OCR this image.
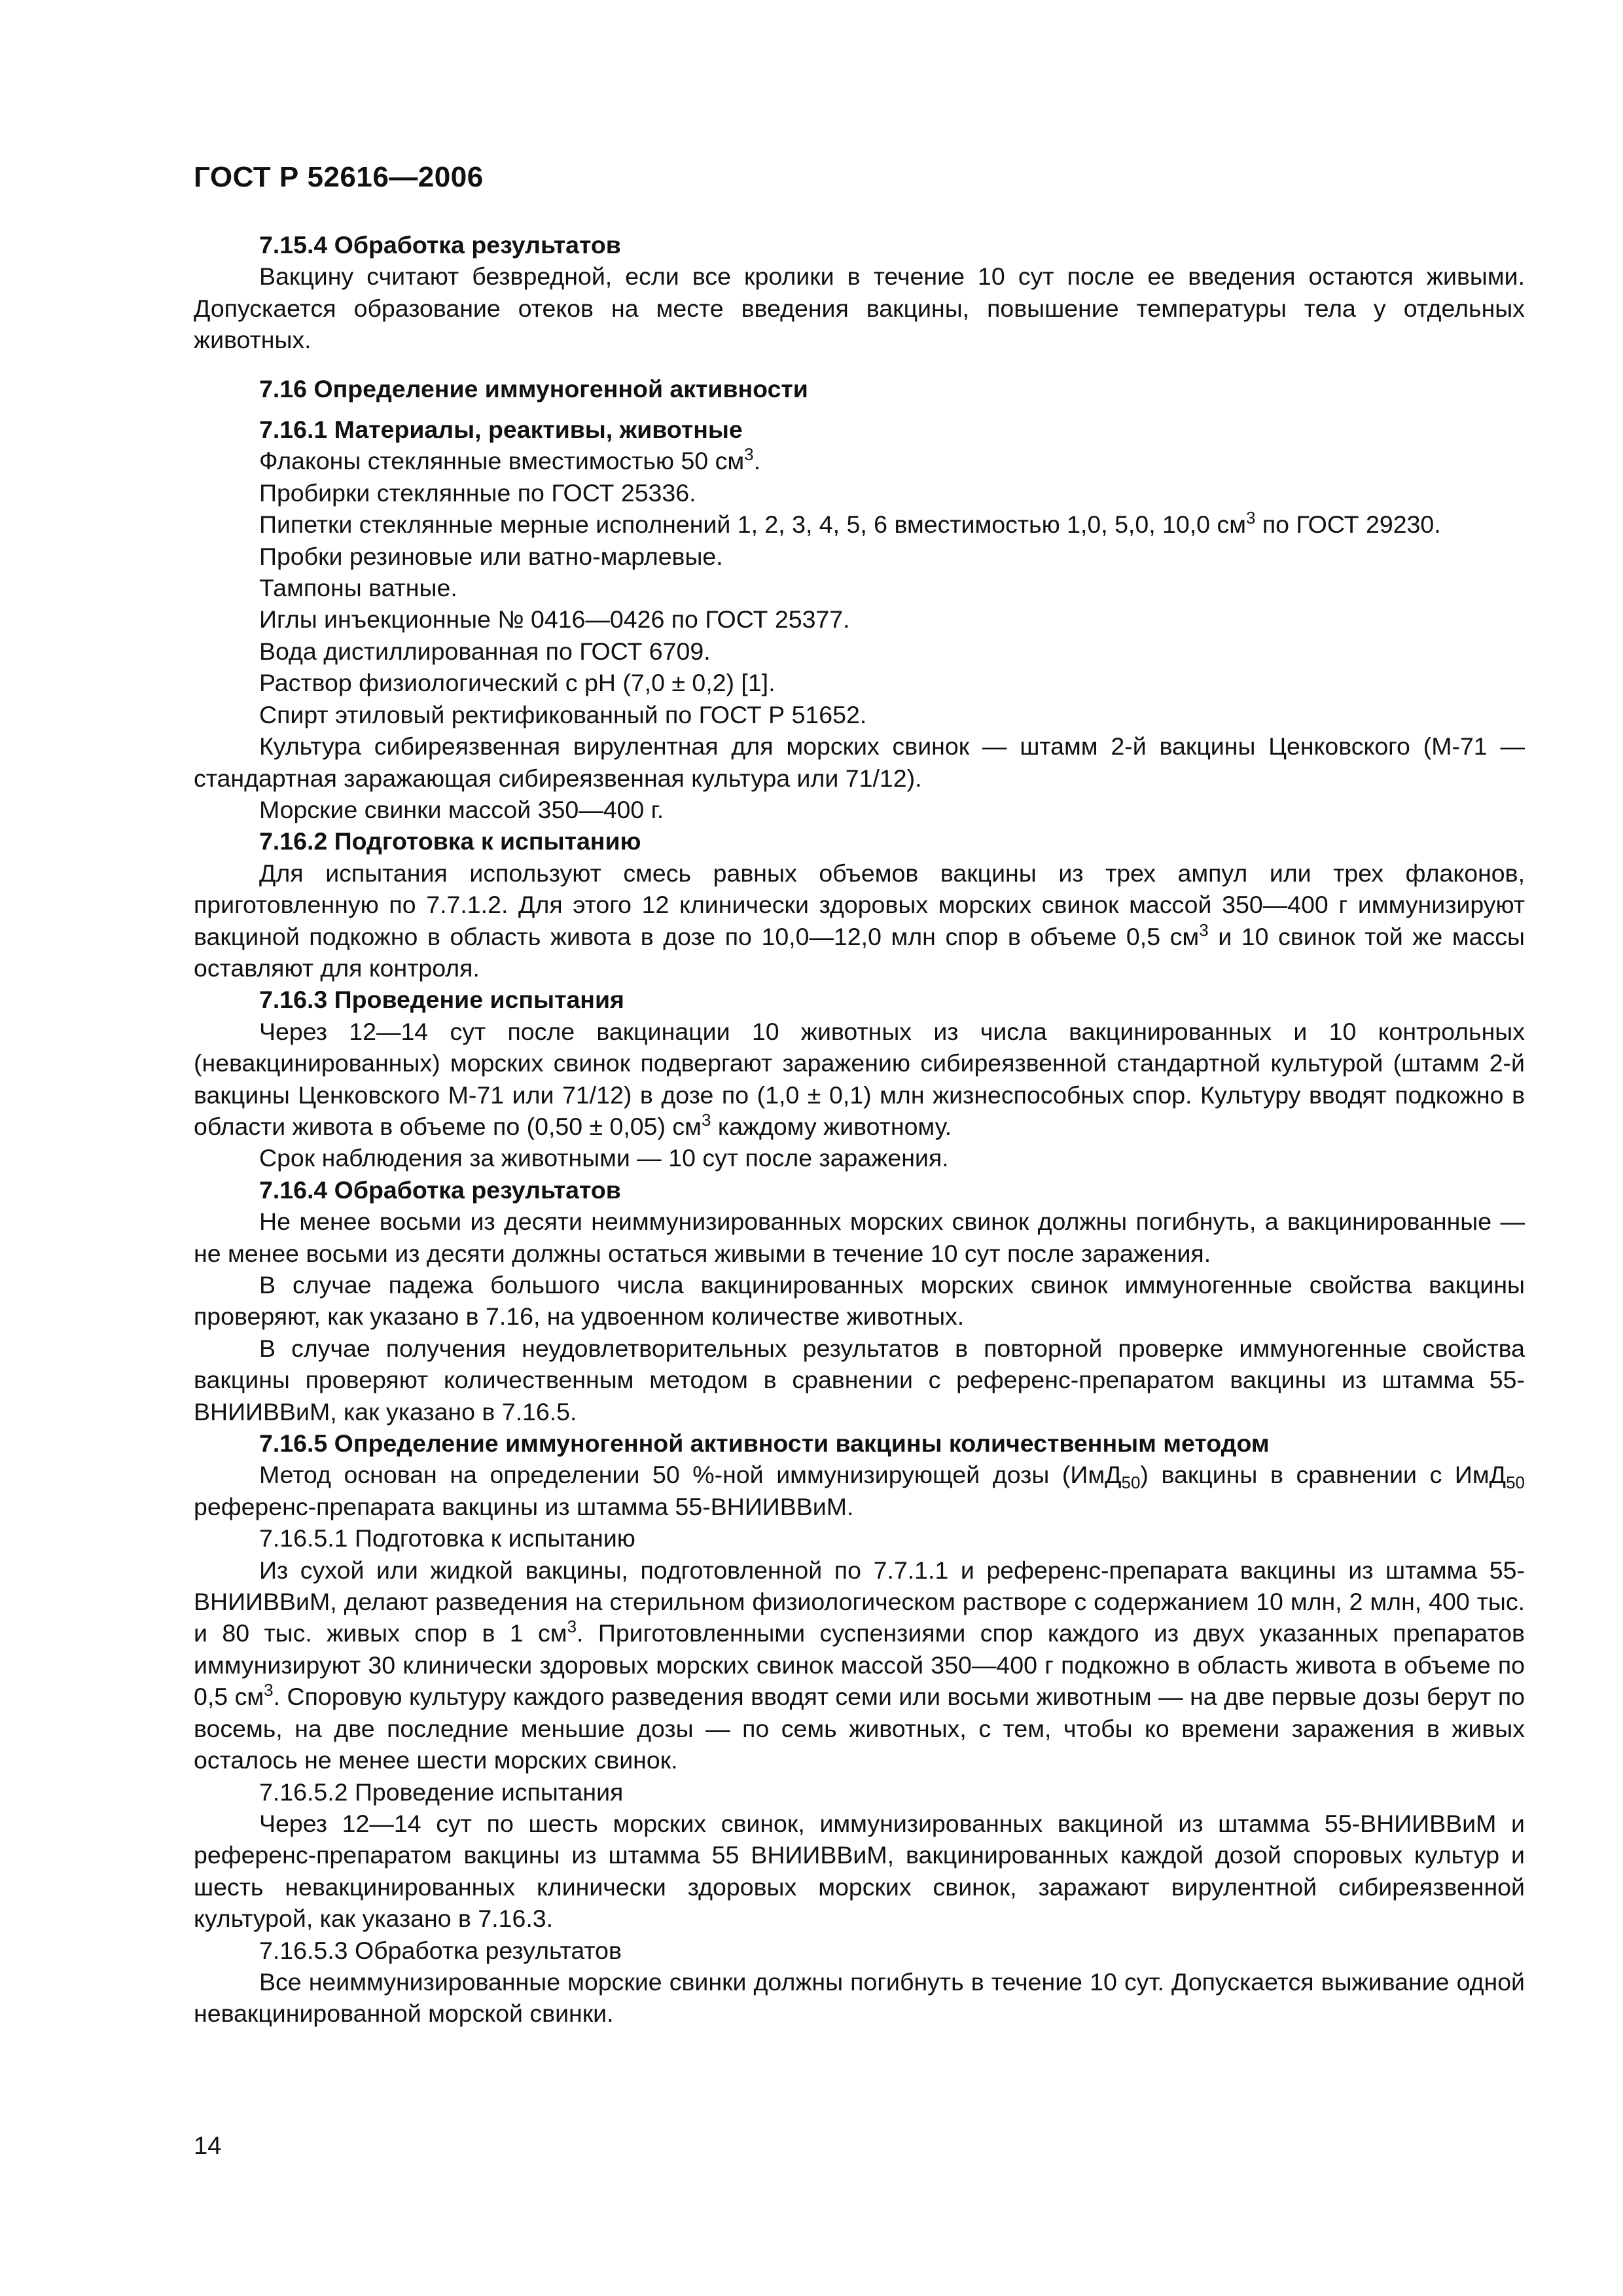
ГОСТ Р 52616—2006

7.15.4 Обработка результатов

Вакцину считают безвредной, если все кролики в течение 10 сут после ее введения остаются живыми. Допускается образование отеков на месте введения вакцины, повышение температуры тела у отдельных животных.

7.16 Определение иммуногенной активности

7.16.1 Материалы, реактивы, животные

Флаконы стеклянные вместимостью 50 $см^3$.

Пробирки стеклянные по ГОСТ 25336.

Пипетки стеклянные мерные исполнений 1, 2, 3, 4, 5, 6 вместимостью 1,0, 5,0, 10,0 $см^3$ по ГОСТ 29230.

Пробки резиновые или ватно-марлевые.

Тампоны ватные.

Иглы инъекционные № 0416—0426 по ГОСТ 25377.

Вода дистиллированная по ГОСТ 6709.

Раствор физиологический с рН (7,0 ± 0,2) [1].

Спирт этиловый ректификованный по ГОСТ Р 51652.

Культура сибиреязвенная вирулентная для морских свинок — штамм 2-й вакцины Ценковского (М-71 — стандартная заражающая сибиреязвенная культура или 71/12).

Морские свинки массой 350—400 г.

7.16.2 Подготовка к испытанию

Для испытания используют смесь равных объемов вакцины из трех ампул или трех флаконов, приготовленную по 7.7.1.2. Для этого 12 клинически здоровых морских свинок массой 350—400 г иммунизируют вакциной подкожно в область живота в дозе по 10,0—12,0 млн спор в объеме 0,5 $см^3$ и 10 свинок той же массы оставляют для контроля.

7.16.3 Проведение испытания

Через 12—14 сут после вакцинации 10 животных из числа вакцинированных и 10 контрольных (невакцинированных) морских свинок подвергают заражению сибиреязвенной стандартной культурой (штамм 2-й вакцины Ценковского М-71 или 71/12) в дозе по (1,0 ± 0,1) млн жизнеспособных спор. Культуру вводят подкожно в области живота в объеме по (0,50 ± 0,05) $см^3$ каждому животному.

Срок наблюдения за животными — 10 сут после заражения.

7.16.4 Обработка результатов

Не менее восьми из десяти неиммунизированных морских свинок должны погибнуть, а вакцинированные — не менее восьми из десяти должны остаться живыми в течение 10 сут после заражения.

В случае падежа большого числа вакцинированных морских свинок иммуногенные свойства вакцины проверяют, как указано в 7.16, на удвоенном количестве животных.

В случае получения неудовлетворительных результатов в повторной проверке иммуногенные свойства вакцины проверяют количественным методом в сравнении с референс-препаратом вакцины из штамма 55-ВНИИВВиМ, как указано в 7.16.5.

7.16.5 Определение иммуногенной активности вакцины количественным методом

Метод основан на определении 50 %-ной иммунизирующей дозы (ИмД$_{50}$) вакцины в сравнении с ИмД$_{50}$ референс-препарата вакцины из штамма 55-ВНИИВВиМ.

7.16.5.1 Подготовка к испытанию

Из сухой или жидкой вакцины, подготовленной по 7.7.1.1 и референс-препарата вакцины из штамма 55-ВНИИВВиМ, делают разведения на стерильном физиологическом растворе с содержанием 10 млн, 2 млн, 400 тыс. и 80 тыс. живых спор в 1 $см^3$. Приготовленными суспензиями спор каждого из двух указанных препаратов иммунизируют 30 клинически здоровых морских свинок массой 350—400 г подкожно в область живота в объеме по 0,5 $см^3$. Споровую культуру каждого разведения вводят семи или восьми животным — на две первые дозы берут по восемь, на две последние меньшие дозы — по семь животных, с тем, чтобы ко времени заражения в живых осталось не менее шести морских свинок.

7.16.5.2 Проведение испытания

Через 12—14 сут по шесть морских свинок, иммунизированных вакциной из штамма 55-ВНИИВВиМ и референс-препаратом вакцины из штамма 55 ВНИИВВиМ, вакцинированных каждой дозой споровых культур и шесть невакцинированных клинически здоровых морских свинок, заражают вирулентной сибиреязвенной культурой, как указано в 7.16.3.

7.16.5.3 Обработка результатов

Все неиммунизированные морские свинки должны погибнуть в течение 10 сут. Допускается выживание одной невакцинированной морской свинки.

14
